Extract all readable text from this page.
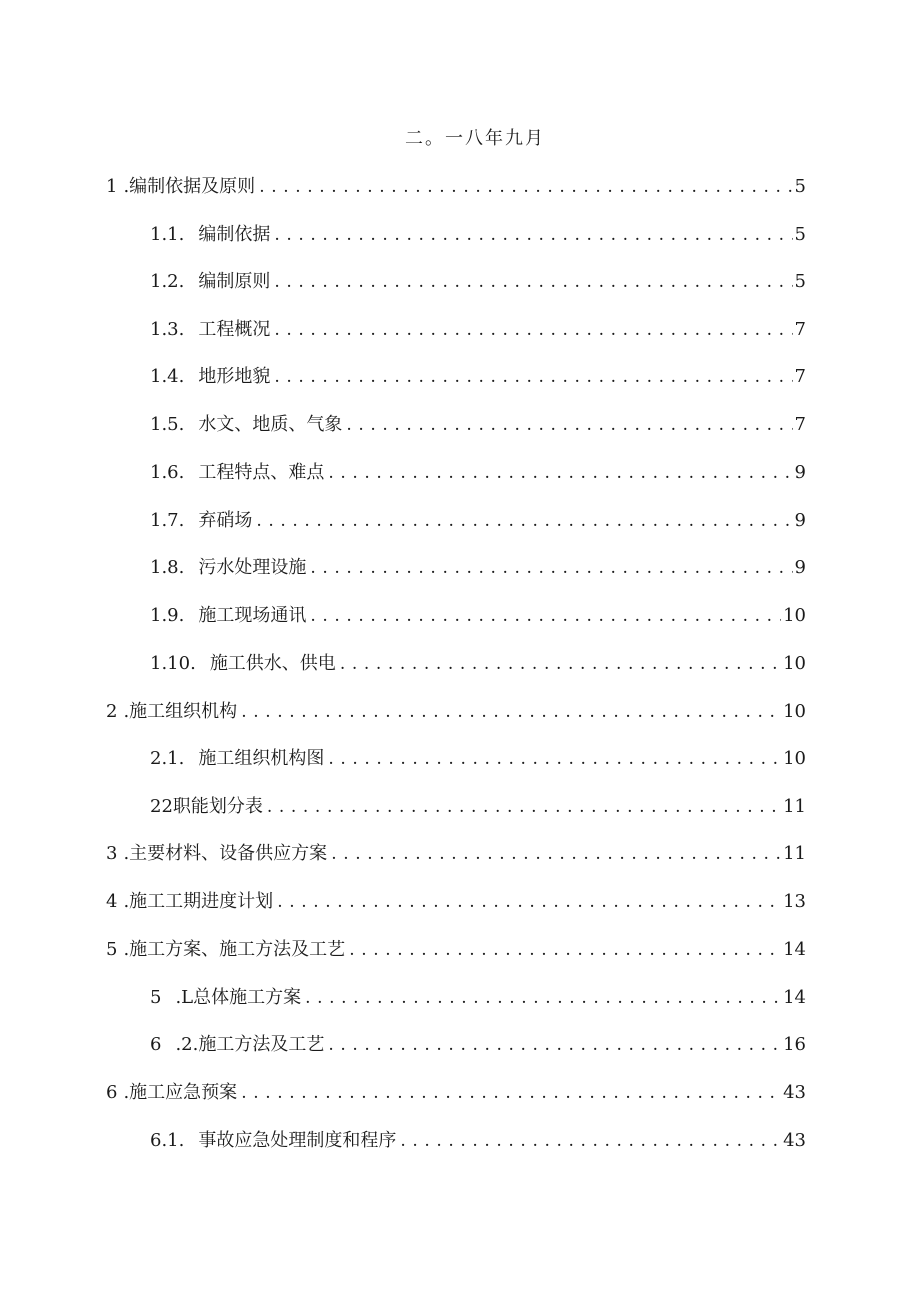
二。一八年九月
1 .编制依据及原则 . . .	5
1.1. 编制依据 . . .	5
1.2. 编制原则 . . .	5
1.3. 工程概况 . . .	7
1.4. 地形地貌 . . .	7
1.5. 水文、地质、气象 . . .	7
1.6. 工程特点、难点 . . .	9
1.7. 弃硝场 . . .	9
1.8. 污水处理设施 . . .	9
1.9. 施工现场通讯 . . .	10
1.10. 施工供水、供电 . . .	10
2 .施工组织机构 . . .	10
2.1. 施工组织机构图 . . .	10
22职能划分表 . . .	11
3 .主要材料、设备供应方案 . . .	11
4 .施工工期进度计划 . . .	13
5 .施工方案、施工方法及工艺 . . .	14
5 .L总体施工方案 . . .	14
6 .2.施工方法及工艺 . . .	16
6 .施工应急预案 . . .	43
6.1. 事故应急处理制度和程序 . . .	43
